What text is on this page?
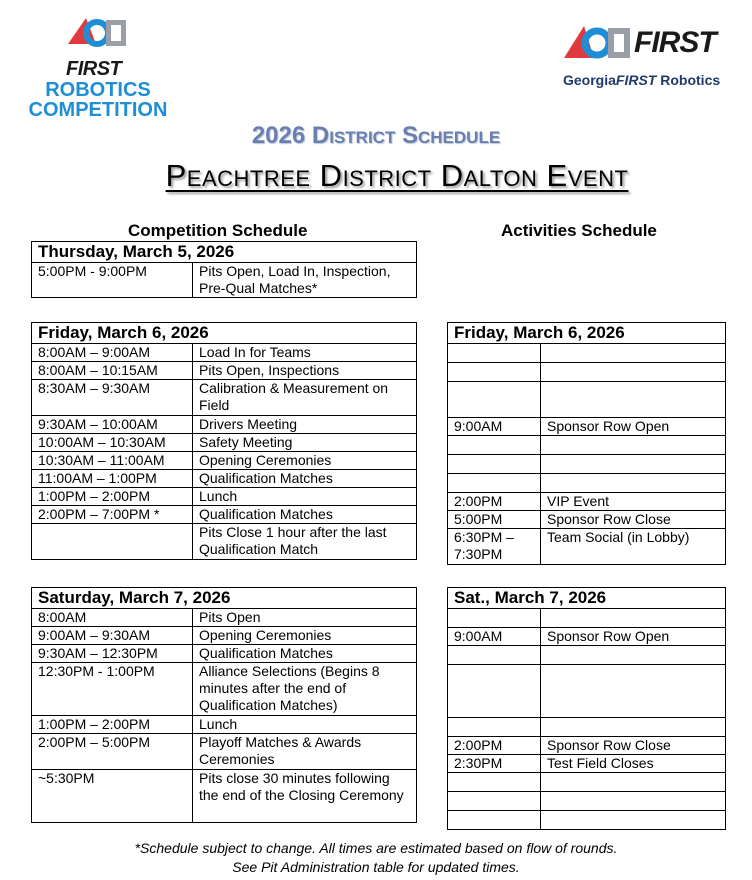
FIRST
ROBOTICS
COMPETITION
FIRST
GeorgiaFIRST Robotics
2026 District Schedule
Peachtree District Dalton Event
Competition Schedule	Activities Schedule
Thursday, March 5, 2026
5:00PM - 9:00PM	Pits Open, Load In, Inspection, Pre-Qual Matches*
Friday, March 6, 2026	
8:00AM – 9:00AM	Load In for Teams
8:00AM – 10:15AM	Pits Open, Inspections
8:30AM – 9:30AM	Calibration & Measurement on Field
9:30AM – 10:00AM	Drivers Meeting
10:00AM – 10:30AM	Safety Meeting
10:30AM – 11:00AM	Opening Ceremonies
11:00AM – 1:00PM	Qualification Matches
1:00PM – 2:00PM	Lunch
2:00PM – 7:00PM *	Qualification Matches
	Pits Close 1 hour after the last Qualification Match
Friday, March 6, 2026	

9:00AM	Sponsor Row Open

2:00PM	VIP Event
5:00PM	Sponsor Row Close
6:30PM – 7:30PM	Team Social (in Lobby)
Saturday, March 7, 2026	
8:00AM	Pits Open
9:00AM – 9:30AM	Opening Ceremonies
9:30AM – 12:30PM	Qualification Matches
12:30PM - 1:00PM	Alliance Selections (Begins 8 minutes after the end of Qualification Matches)
1:00PM – 2:00PM	Lunch
2:00PM – 5:00PM	Playoff Matches & Awards Ceremonies
~5:30PM	Pits close 30 minutes following the end of the Closing Ceremony
Sat., March 7, 2026	

9:00AM	Sponsor Row Open

2:00PM	Sponsor Row Close
2:30PM	Test Field Closes

*Schedule subject to change. All times are estimated based on flow of rounds.
See Pit Administration table for updated times.
